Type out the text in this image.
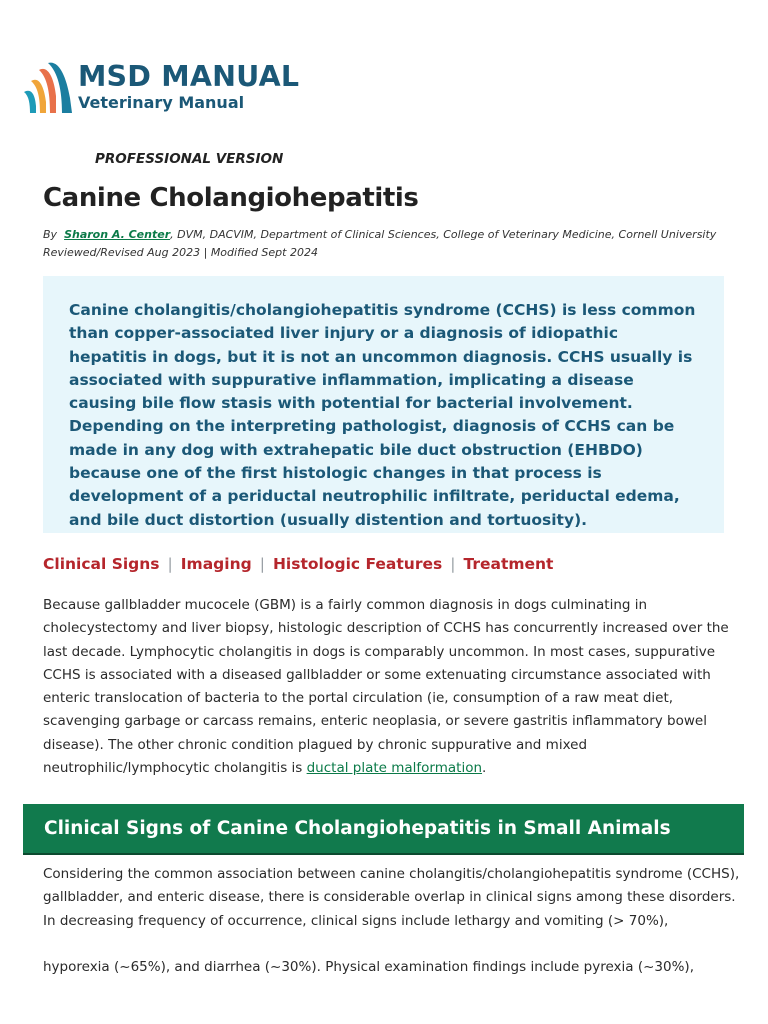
MSD MANUAL
Veterinary Manual
PROFESSIONAL VERSION
Canine Cholangiohepatitis
By Sharon A. Center, DVM, DACVIM, Department of Clinical Sciences, College of Veterinary Medicine, Cornell University
Reviewed/Revised Aug 2023 | Modified Sept 2024

Canine cholangitis/cholangiohepatitis syndrome (CCHS) is less common than copper-associated liver injury or a diagnosis of idiopathic hepatitis in dogs, but it is not an uncommon diagnosis. CCHS usually is associated with suppurative inflammation, implicating a disease causing bile flow stasis with potential for bacterial involvement. Depending on the interpreting pathologist, diagnosis of CCHS can be made in any dog with extrahepatic bile duct obstruction (EHBDO) because one of the first histologic changes in that process is development of a periductal neutrophilic infiltrate, periductal edema, and bile duct distortion (usually distention and tortuosity).

Clinical Signs | Imaging | Histologic Features | Treatment

Because gallbladder mucocele (GBM) is a fairly common diagnosis in dogs culminating in cholecystectomy and liver biopsy, histologic description of CCHS has concurrently increased over the last decade. Lymphocytic cholangitis in dogs is comparably uncommon. In most cases, suppurative CCHS is associated with a diseased gallbladder or some extenuating circumstance associated with enteric translocation of bacteria to the portal circulation (ie, consumption of a raw meat diet, scavenging garbage or carcass remains, enteric neoplasia, or severe gastritis inflammatory bowel disease). The other chronic condition plagued by chronic suppurative and mixed neutrophilic/lymphocytic cholangitis is ductal plate malformation.

Clinical Signs of Canine Cholangiohepatitis in Small Animals

Considering the common association between canine cholangitis/cholangiohepatitis syndrome (CCHS), gallbladder, and enteric disease, there is considerable overlap in clinical signs among these disorders. In decreasing frequency of occurrence, clinical signs include lethargy and vomiting (> 70%),

hyporexia (~65%), and diarrhea (~30%). Physical examination findings include pyrexia (~30%),
